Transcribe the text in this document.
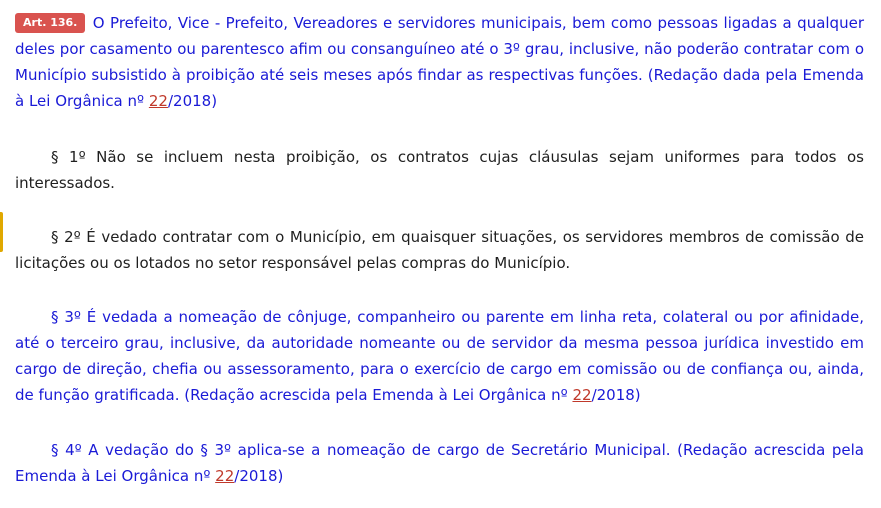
Art. 136. O Prefeito, Vice - Prefeito, Vereadores e servidores municipais, bem como pessoas ligadas a qualquer deles por casamento ou parentesco afim ou consanguíneo até o 3º grau, inclusive, não poderão contratar com o Município subsistido à proibição até seis meses após findar as respectivas funções. (Redação dada pela Emenda à Lei Orgânica nº 22/2018)

§ 1º Não se incluem nesta proibição, os contratos cujas cláusulas sejam uniformes para todos os interessados.

§ 2º É vedado contratar com o Município, em quaisquer situações, os servidores membros de comissão de licitações ou os lotados no setor responsável pelas compras do Município.

§ 3º É vedada a nomeação de cônjuge, companheiro ou parente em linha reta, colateral ou por afinidade, até o terceiro grau, inclusive, da autoridade nomeante ou de servidor da mesma pessoa jurídica investido em cargo de direção, chefia ou assessoramento, para o exercício de cargo em comissão ou de confiança ou, ainda, de função gratificada. (Redação acrescida pela Emenda à Lei Orgânica nº 22/2018)

§ 4º A vedação do § 3º aplica-se a nomeação de cargo de Secretário Municipal. (Redação acrescida pela Emenda à Lei Orgânica nº 22/2018)
